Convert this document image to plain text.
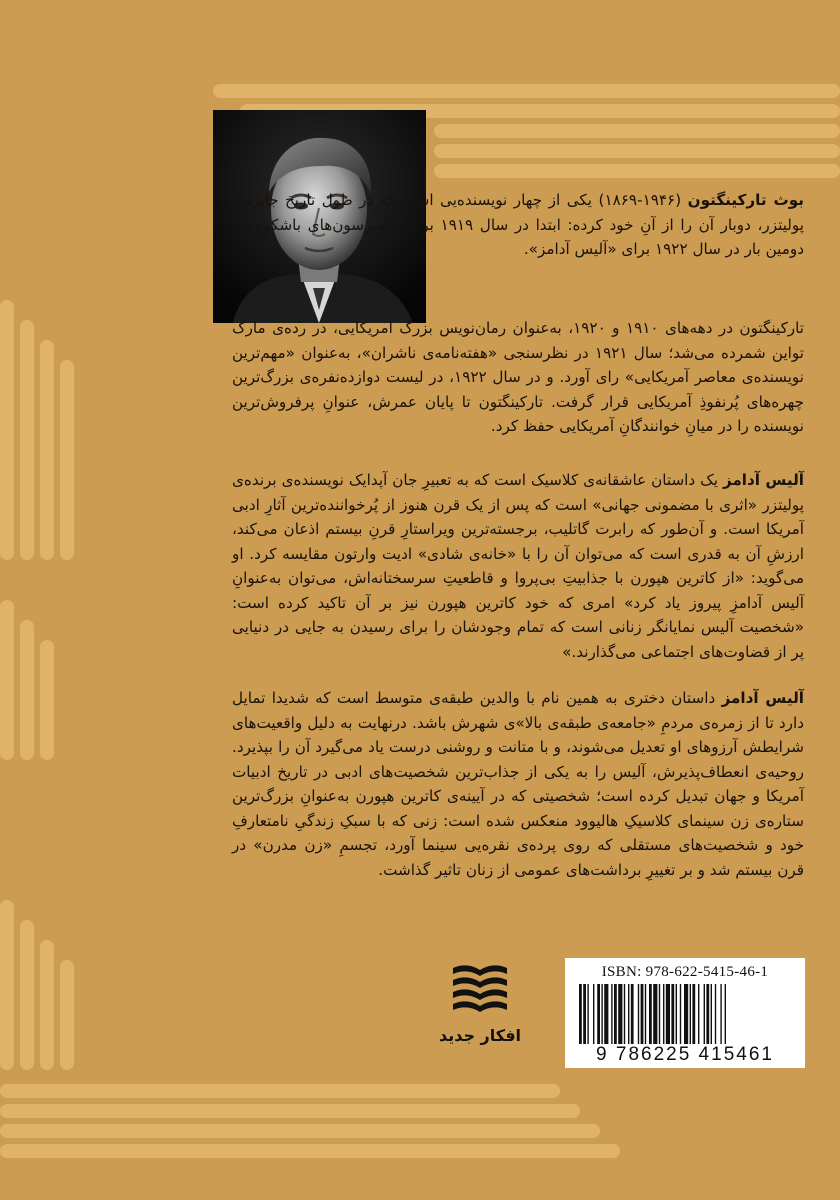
بوث تارکینگتون (۱۹۴۶-۱۸۶۹) یکی از چهار نویسنده‌یی است که در طول تاریخ جایزه‌ی پولیتزر، دوبار آن را از آنِ خود کرده: ابتدا در سال ۱۹۱۹ برای «آمبرسون‌های باشکوه» و دومین بار در سال ۱۹۲۲ برای «آلیس آدامز».

تارکینگتون در دهه‌های ۱۹۱۰ و ۱۹۲۰، به‌عنوان رمان‌نویس بزرگ آمریکایی، در رده‌ی مارک تواین شمرده می‌شد؛ سال ۱۹۲۱ در نظرسنجی «هفته‌نامه‌ی ناشران»، به‌عنوان «مهم‌ترین نویسنده‌ی معاصر آمریکایی» رای آورد. و در سال ۱۹۲۲، در لیست دوازده‌نفره‌ی بزرگ‌ترین چهره‌های پُرنفوذِ آمریکایی قرار گرفت. تارکینگتون تا پایان عمرش، عنوانِ پرفروش‌ترین نویسنده را در میانِ خوانندگانِ آمریکایی حفظ کرد.

آلیس آدامز یک داستان عاشقانه‌ی کلاسیک است که به تعبیرِ جان آپدایک نویسنده‌ی برنده‌ی پولیتزر «اثری با مضمونی جهانی» است که پس از یک قرن هنوز از پُرخواننده‌ترین آثارِ ادبی آمریکا است. و آن‌طور که رابرت گاتلیب، برجسته‌ترین ویراستارِ قرنِ بیستم اذعان می‌کند، ارزشِ آن به قدری است که می‌توان آن را با «خانه‌ی شادی» ادیت وارتون مقایسه کرد. او می‌گوید: «از کاترین هپورن با جذابیتِ بی‌پروا و قاطعیتِ سرسختانه‌اش، می‌توان به‌عنوانِ آلیس آدامزِ پیروز یاد کرد» امری که خود کاترین هپورن نیز بر آن تاکید کرده است: «شخصیت آلیس نمایانگر زنانی است که تمام وجودشان را برای رسیدن به جایی در دنیایی پر از قضاوت‌های اجتماعی می‌گذارند.»

آلیس آدامز داستان دختری به همین نام با والدین طبقه‌ی متوسط است که شدیدا تمایل دارد تا از زمره‌ی مردمِ «جامعه‌ی طبقه‌ی بالا»ی شهرش باشد. درنهایت به دلیل واقعیت‌های شرایطش آرزوهای او تعدیل می‌شوند، و با متانت و روشنی درست یاد می‌گیرد آن را بپذیرد. روحیه‌ی انعطاف‌پذیرش، آلیس را به یکی از جذاب‌ترین شخصیت‌های ادبی در تاریخ ادبیات آمریکا و جهان تبدیل کرده است؛ شخصیتی که در آیینه‌ی کاترین هپورن به‌عنوانِ بزرگ‌ترین ستاره‌ی زن سینمای کلاسیکِ هالیوود منعکس شده است: زنی که با سبکِ زندگیِ نامتعارفِ خود و شخصیت‌های مستقلی که روی پرده‌ی نقره‌یی سینما آورد، تجسمِ «زن مدرن» در قرن بیستم شد و بر تغییرِ برداشت‌های عمومی از زنان تاثیر گذاشت.

افکار جدید
ISBN: 978-622-5415-46-1
9 786225 415461
